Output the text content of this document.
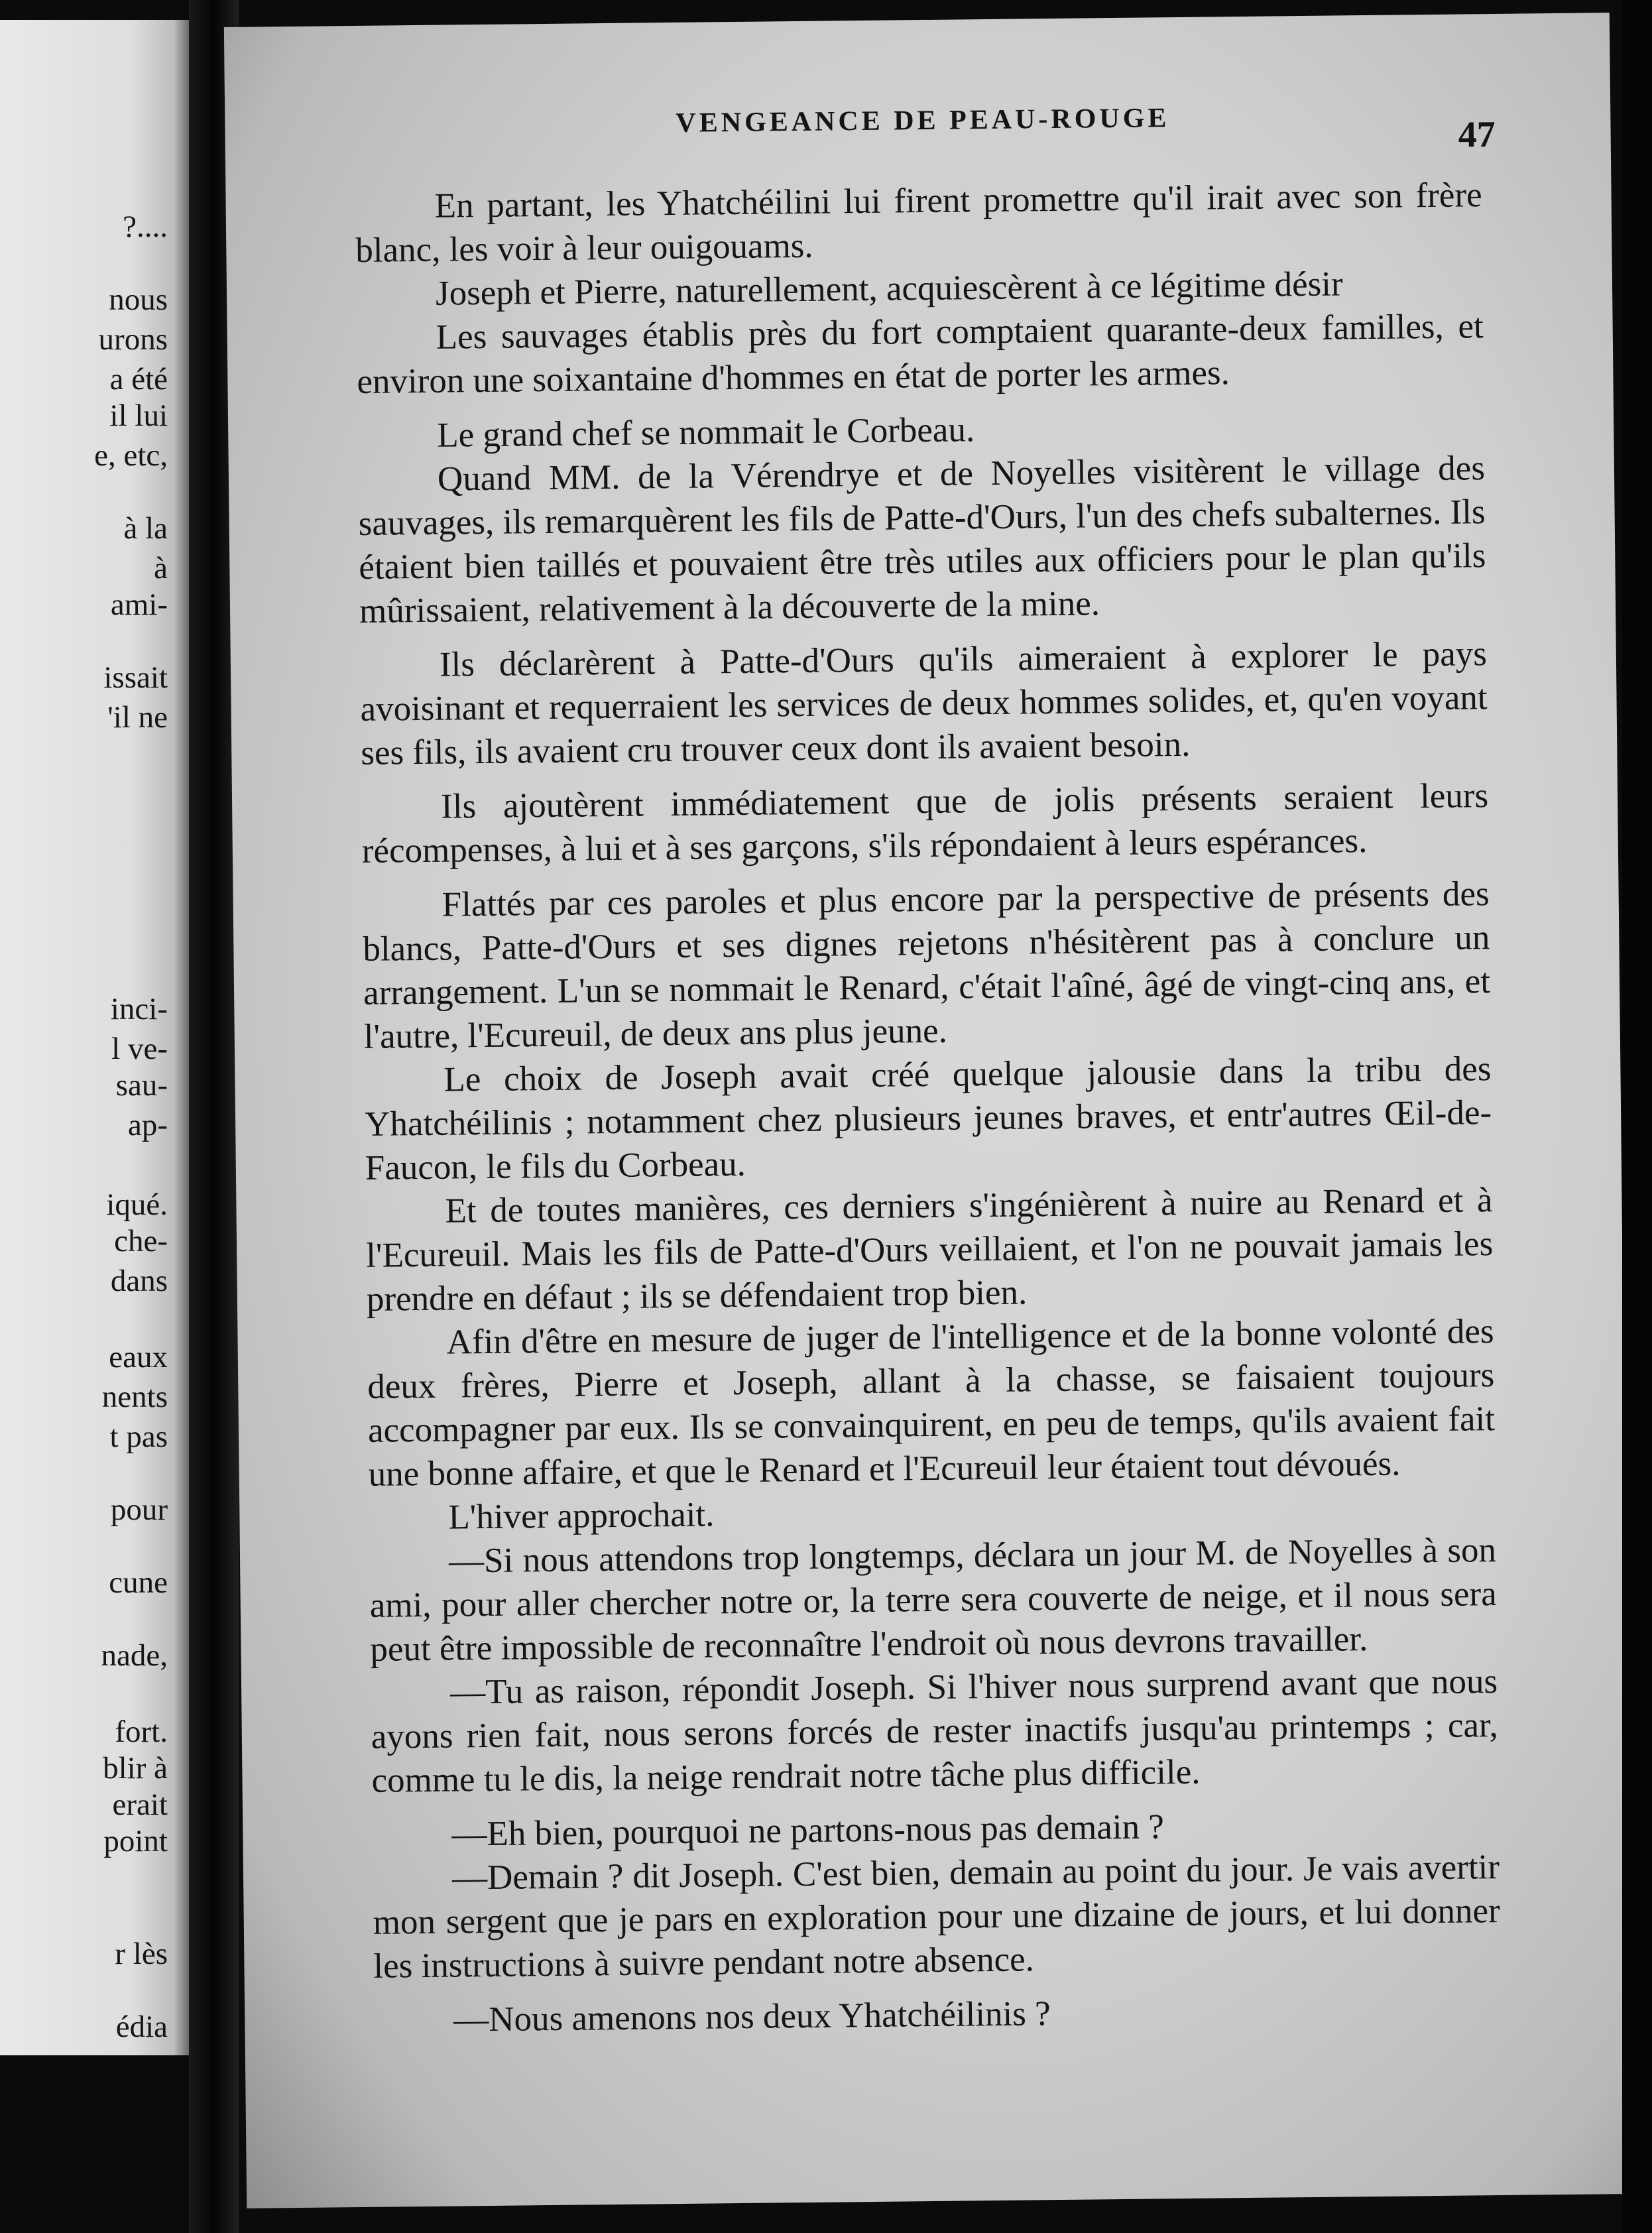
?....
nous
urons
a été
il lui
e, etc,
à la
à
ami-
issait
'il ne
inci-
l ve-
sau-
ap-
iqué.
che-
dans
eaux
nents
t pas
pour
cune
nade,
fort.
blir à
erait
point
r lès
édia
VENGEANCE DE PEAU-ROUGE	47

En partant, les Yhatchéilini lui firent promettre qu'il irait avec son frère blanc, les voir à leur ouigouams.

Joseph et Pierre, naturellement, acquiescèrent à ce légitime désir

Les sauvages établis près du fort comptaient quarante-deux familles, et environ une soixantaine d'hommes en état de porter les armes.

Le grand chef se nommait le Corbeau.

Quand MM. de la Vérendrye et de Noyelles visitèrent le village des sauvages, ils remarquèrent les fils de Patte-d'Ours, l'un des chefs subalternes. Ils étaient bien taillés et pouvaient être très utiles aux officiers pour le plan qu'ils mûrissaient, relativement à la découverte de la mine.

Ils déclarèrent à Patte-d'Ours qu'ils aimeraient à explorer le pays avoisinant et requerraient les services de deux hommes solides, et, qu'en voyant ses fils, ils avaient cru trouver ceux dont ils avaient besoin.

Ils ajoutèrent immédiatement que de jolis présents seraient leurs récompenses, à lui et à ses garçons, s'ils répondaient à leurs espérances.

Flattés par ces paroles et plus encore par la perspective de présents des blancs, Patte-d'Ours et ses dignes rejetons n'hésitèrent pas à conclure un arrangement. L'un se nommait le Renard, c'était l'aîné, âgé de vingt-cinq ans, et l'autre, l'Ecureuil, de deux ans plus jeune.

Le choix de Joseph avait créé quelque jalousie dans la tribu des Yhatchéilinis ; notamment chez plusieurs jeunes braves, et entr'autres Œil-de-Faucon, le fils du Corbeau.

Et de toutes manières, ces derniers s'ingénièrent à nuire au Renard et à l'Ecureuil. Mais les fils de Patte-d'Ours veillaient, et l'on ne pouvait jamais les prendre en défaut ; ils se défendaient trop bien.

Afin d'être en mesure de juger de l'intelligence et de la bonne volonté des deux frères, Pierre et Joseph, allant à la chasse, se faisaient toujours accompagner par eux. Ils se convainquirent, en peu de temps, qu'ils avaient fait une bonne affaire, et que le Renard et l'Ecureuil leur étaient tout dévoués.

L'hiver approchait.

—Si nous attendons trop longtemps, déclara un jour M. de Noyelles à son ami, pour aller chercher notre or, la terre sera couverte de neige, et il nous sera peut être impossible de reconnaître l'endroit où nous devrons travailler.

—Tu as raison, répondit Joseph. Si l'hiver nous surprend avant que nous ayons rien fait, nous serons forcés de rester inactifs jusqu'au printemps ; car, comme tu le dis, la neige rendrait notre tâche plus difficile.

—Eh bien, pourquoi ne partons-nous pas demain ?

—Demain ? dit Joseph. C'est bien, demain au point du jour. Je vais avertir mon sergent que je pars en exploration pour une dizaine de jours, et lui donner les instructions à suivre pendant notre absence.

—Nous amenons nos deux Yhatchéilinis ?
